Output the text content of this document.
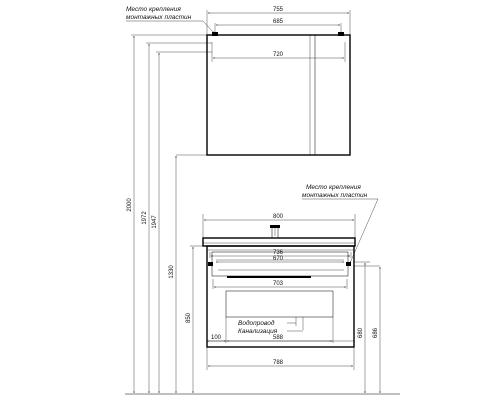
755
685
720
Место крепления
монтажных пластин
800
Место крепления
монтажных пластин
736
670
703
Водопровод
Канализация
100	588
788
2000
1972 1947
1330
850
680 686
